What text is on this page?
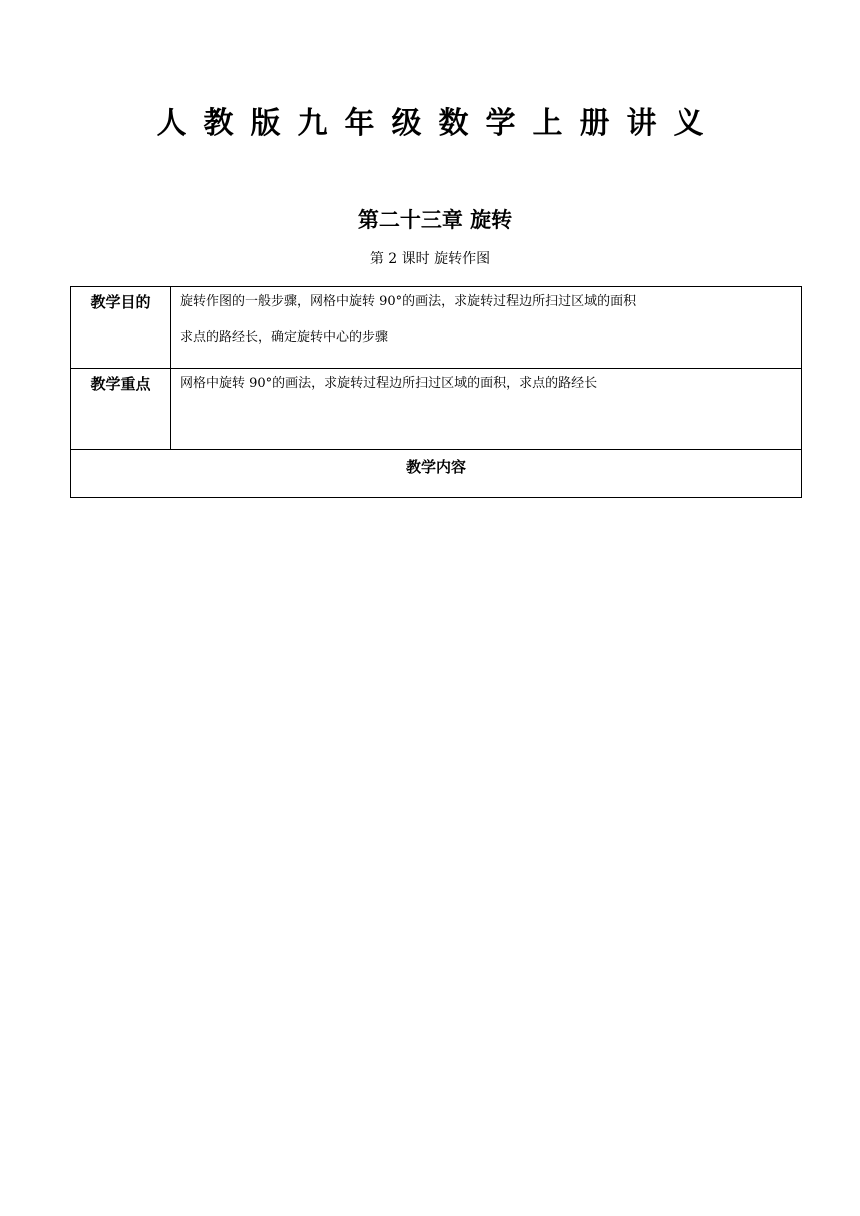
人教版九年级数学上册讲义
第二十三章 旋转
第 2 课时 旋转作图
教学目的	旋转作图的一般步骤，网格中旋转 90°的画法，求旋转过程边所扫过区域的面积
求点的路经长，确定旋转中心的步骤

教学重点	网格中旋转 90°的画法，求旋转过程边所扫过区域的面积，求点的路经长
教学内容	
